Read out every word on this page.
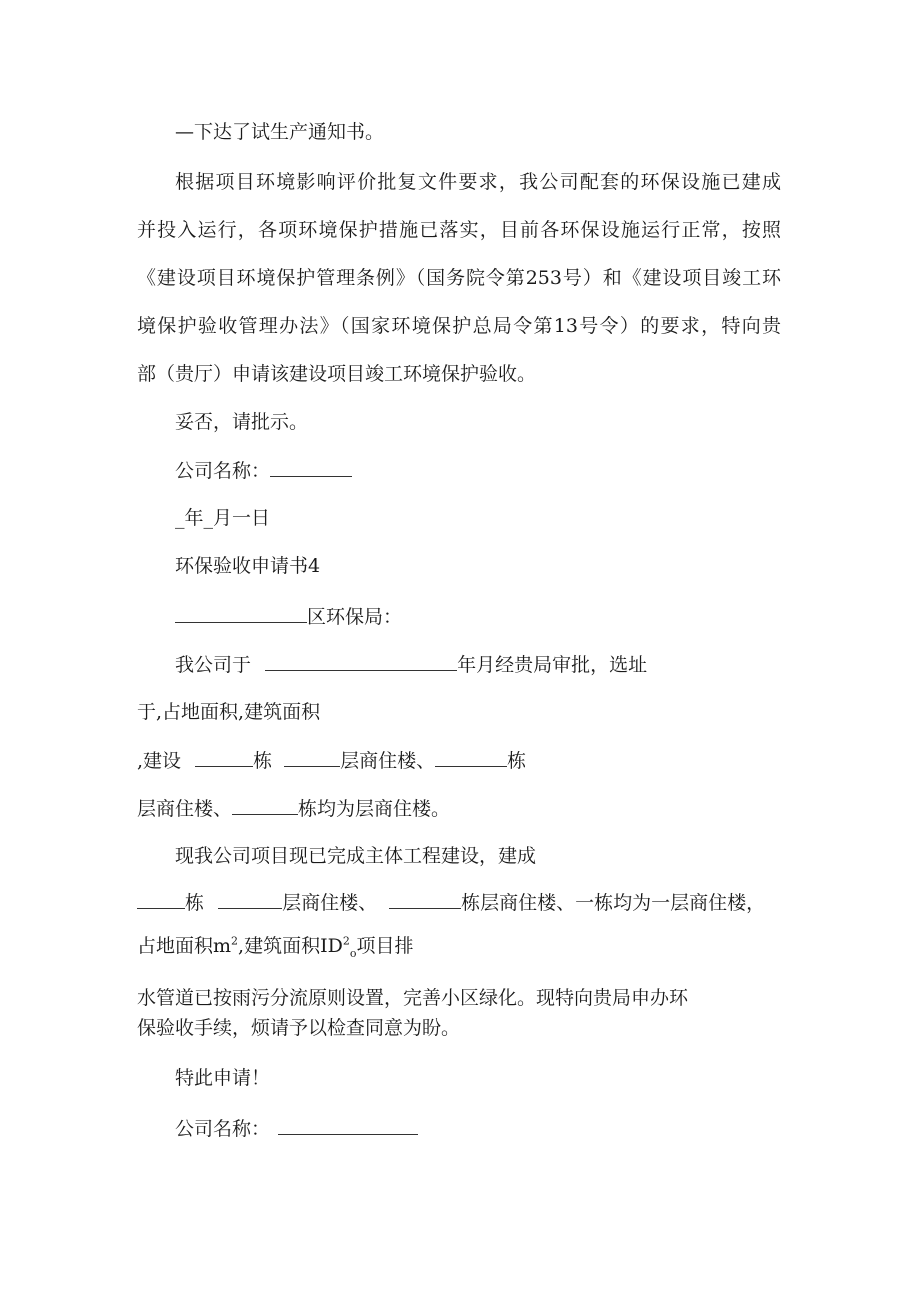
—下达了试生产通知书。
根据项目环境影响评价批复文件要求，我公司配套的环保设施已建成
并投入运行，各项环境保护措施已落实，目前各环保设施运行正常，按照
《建设项目环境保护管理条例》（国务院令第253号）和《建设项目竣工环
境保护验收管理办法》（国家环境保护总局令第13号令）的要求，特向贵
部（贵厅）申请该建设项目竣工环境保护验收。
妥否，请批示。
公司名称：
_年_月一日
环保验收申请书4
区环保局：
我公司于	年月经贵局审批，选址
于,占地面积,建筑面积
,建设	栋	层商住楼、	栋
层商住楼、	栋均为层商住楼。
现我公司项目现已完成主体工程建设，建成
栋	层商住楼、	栋层商住楼、一栋均为一层商住楼，
占地面积$m^2$,建筑面积$ID^2_o$项目排
水管道已按雨污分流原则设置，完善小区绿化。现特向贵局申办环
保验收手续，烦请予以检查同意为盼。
特此申请！
公司名称：
